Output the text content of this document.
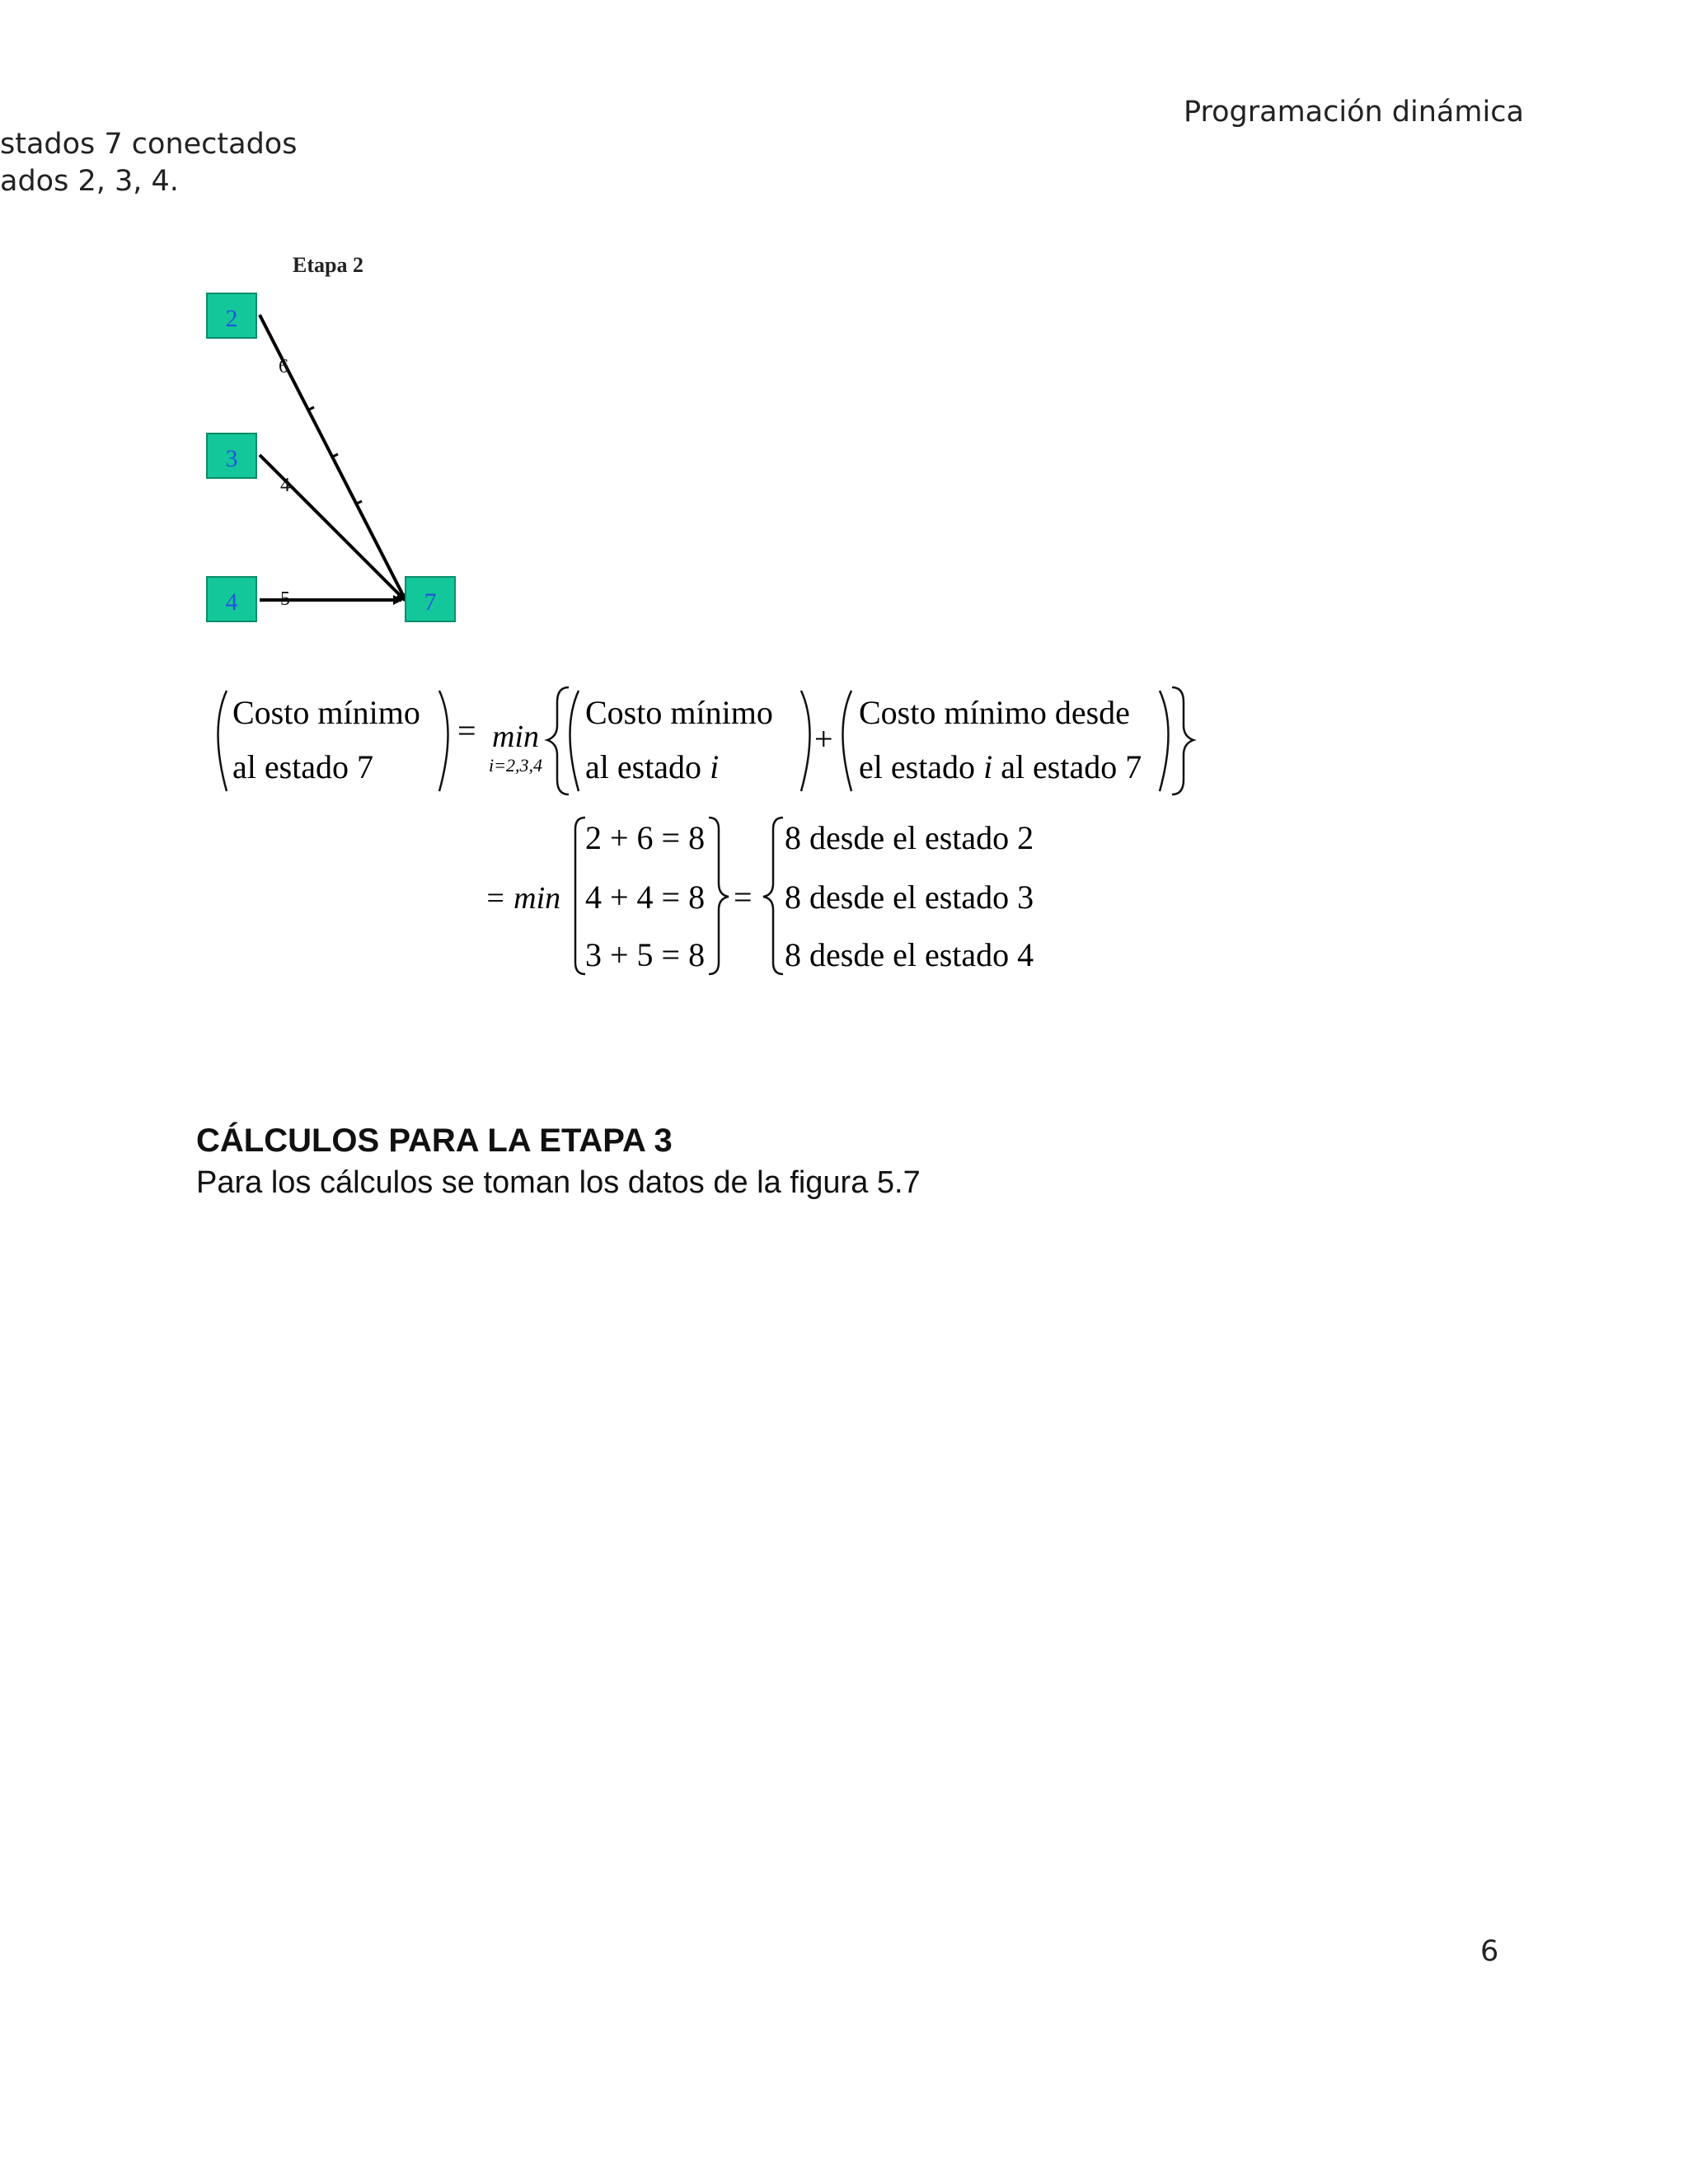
Programación dinámica
stados 7 conectados
ados 2, 3, 4.
Etapa 2
6
4
5
2
3
4	7
Costo mínimo
al estado 7
= min
i=2,3,4
Costo mínimo
al estado i
+
Costo mínimo desde
el estado i al estado 7
= min
2 + 6 = 8
4 + 4 = 8
3 + 5 = 8
=
8 desde el estado 2
8 desde el estado 3
8 desde el estado 4
CÁLCULOS PARA LA ETAPA 3
Para los cálculos se toman los datos de la figura 5.7
6
